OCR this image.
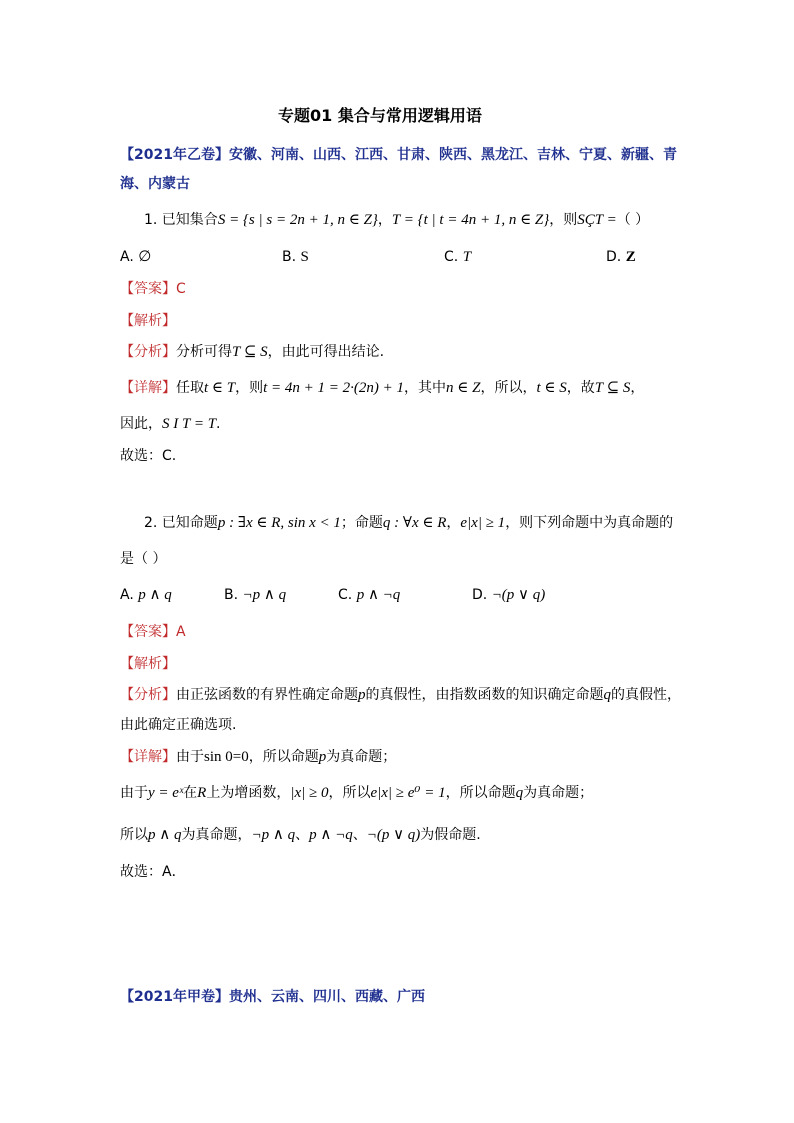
专题01 集合与常用逻辑用语
【2021年乙卷】安徽、河南、山西、江西、甘肃、陕西、黑龙江、吉林、宁夏、新疆、青
海、内蒙古
1. 已知集合S = {s | s = 2n + 1, n ∈ Z}，T = {t | t = 4n + 1, n ∈ Z}，则SÇT =（ ）
A. ∅	B. S	C. T	D. Z
【答案】C
【解析】
【分析】分析可得T ⊆ S，由此可得出结论.
【详解】任取t ∈ T，则t = 4n + 1 = 2·(2n) + 1，其中n ∈ Z，所以，t ∈ S，故T ⊆ S，
因此，S I T = T.
故选：C.
2. 已知命题p : ∃x ∈ R, sin x < 1；命题q : ∀x ∈ R，e|x| ≥ 1，则下列命题中为真命题的
是（ ）
A. p ∧ q	B. ¬p ∧ q	C. p ∧ ¬q	D. ¬(p ∨ q)
【答案】A
【解析】
【分析】由正弦函数的有界性确定命题p的真假性，由指数函数的知识确定命题q的真假性，
由此确定正确选项.
【详解】由于sin 0=0，所以命题p为真命题；
由于y = eˣ在R上为增函数，|x| ≥ 0，所以e|x| ≥ e⁰ = 1，所以命题q为真命题；
所以p ∧ q为真命题，¬p ∧ q、p ∧ ¬q、¬(p ∨ q)为假命题.
故选：A．
【2021年甲卷】贵州、云南、四川、西藏、广西
